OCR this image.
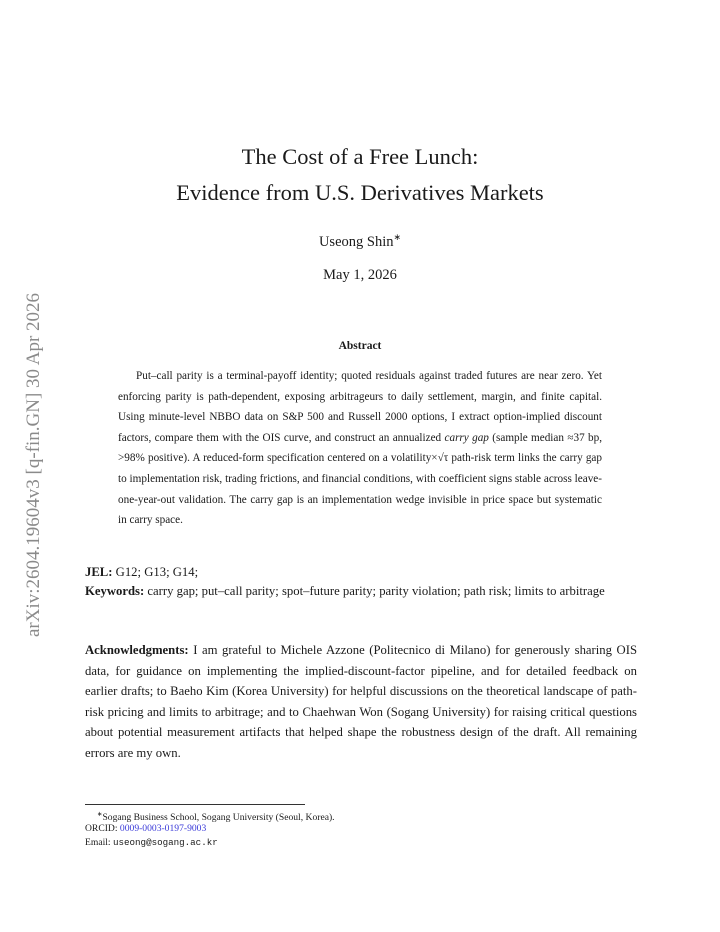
arXiv:2604.19604v3 [q-fin.GN] 30 Apr 2026
The Cost of a Free Lunch:
Evidence from U.S. Derivatives Markets
Useong Shin∗
May 1, 2026
Abstract
Put–call parity is a terminal-payoff identity; quoted residuals against traded futures are near zero. Yet enforcing parity is path-dependent, exposing arbitrageurs to daily settlement, margin, and finite capital. Using minute-level NBBO data on S&P 500 and Russell 2000 options, I extract option-implied discount factors, compare them with the OIS curve, and construct an annualized carry gap (sample median ≈37 bp, >98% positive). A reduced-form specification centered on a volatility×√τ path-risk term links the carry gap to implementation risk, trading frictions, and financial conditions, with coefficient signs stable across leave-one-year-out validation. The carry gap is an implementation wedge invisible in price space but systematic in carry space.
JEL: G12; G13; G14;
Keywords: carry gap; put–call parity; spot–future parity; parity violation; path risk; limits to arbitrage
Acknowledgments: I am grateful to Michele Azzone (Politecnico di Milano) for generously sharing OIS data, for guidance on implementing the implied-discount-factor pipeline, and for detailed feedback on earlier drafts; to Baeho Kim (Korea University) for helpful discussions on the theoretical landscape of path-risk pricing and limits to arbitrage; and to Chaehwan Won (Sogang University) for raising critical questions about potential measurement artifacts that helped shape the robustness design of the draft. All remaining errors are my own.
∗Sogang Business School, Sogang University (Seoul, Korea).
ORCID: 0009-0003-0197-9003
Email: useong@sogang.ac.kr
